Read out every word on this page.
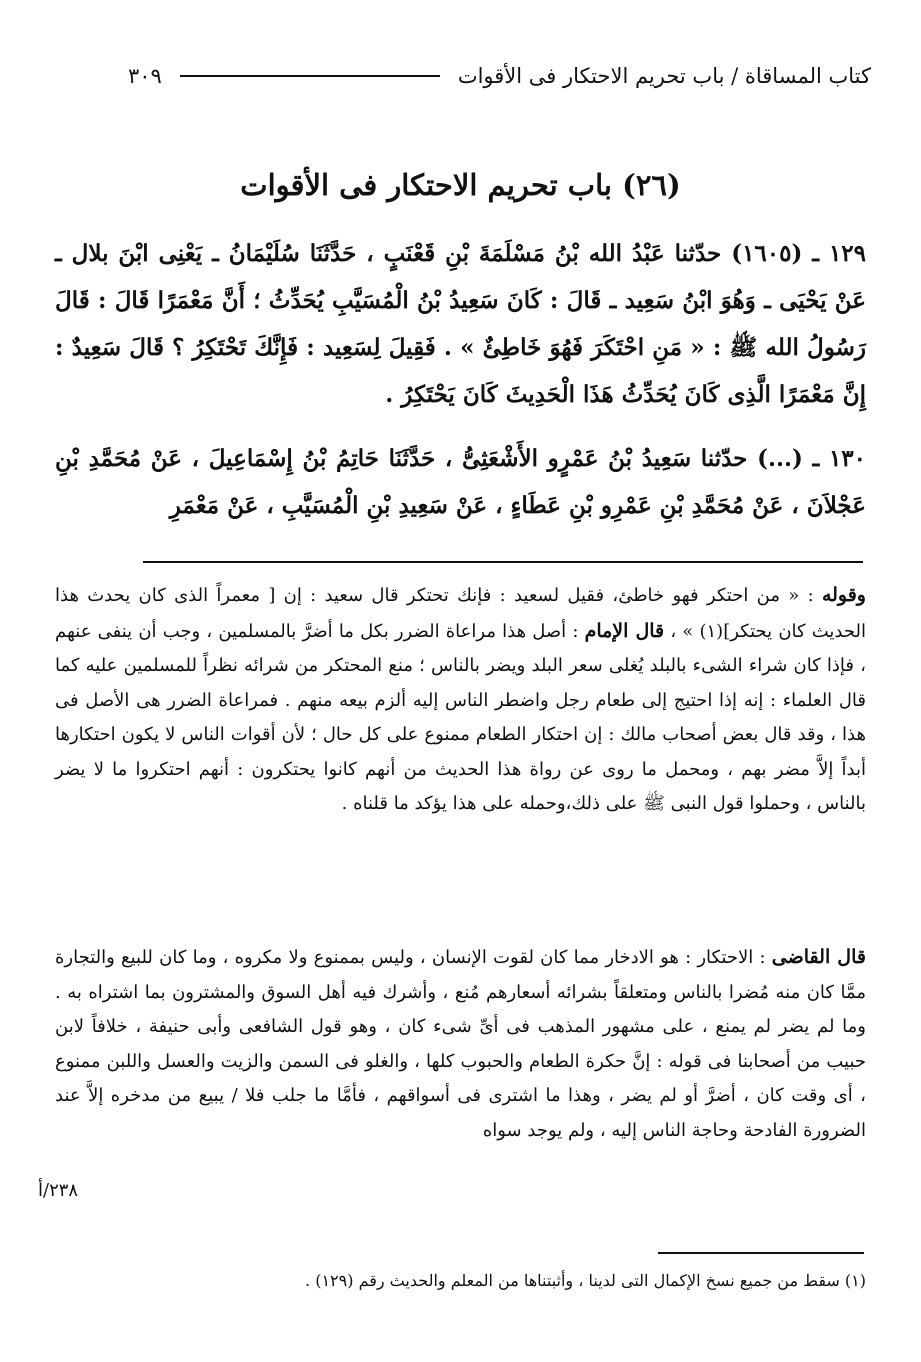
كتاب المساقاة / باب تحريم الاحتكار فى الأقوات
٣٠٩
(٢٦) باب تحريم الاحتكار فى الأقوات
١٢٩ ـ (١٦٠٥) حدّثنا عَبْدُ الله بْنُ مَسْلَمَةَ بْنِ قَعْنَبٍ ، حَدَّثَنَا سُلَيْمَانُ ـ يَعْنِى ابْنَ بلال ـ عَنْ يَحْيَى ـ وَهُوَ ابْنُ سَعِيد ـ قَالَ : كَانَ سَعِيدُ بْنُ الْمُسَيَّبِ يُحَدِّثُ ؛ أَنَّ مَعْمَرًا قَالَ : قَالَ رَسُولُ الله ﷺ : « مَنِ احْتَكَرَ فَهُوَ خَاطِئٌ » . فَقِيلَ لِسَعِيد : فَإِنَّكَ تَحْتَكِرُ ؟ قَالَ سَعِيدٌ : إِنَّ مَعْمَرًا الَّذِى كَانَ يُحَدِّثُ هَذَا الْحَدِيثَ كَانَ يَحْتَكِرُ .
١٣٠ ـ (...) حدّثنا سَعِيدُ بْنُ عَمْرٍو الأَشْعَثِىُّ ، حَدَّثَنَا حَاتِمُ بْنُ إِسْمَاعِيلَ ، عَنْ مُحَمَّدِ بْنِ عَجْلاَنَ ، عَنْ مُحَمَّدِ بْنِ عَمْرِو بْنِ عَطَاءٍ ، عَنْ سَعِيدِ بْنِ الْمُسَيَّبِ ، عَنْ مَعْمَرِ
وقوله : « من احتكر فهو خاطئ، فقيل لسعيد : فإنك تحتكر قال سعيد : إن [ معمراً الذى كان يحدث هذا الحديث كان يحتكر](١) » ، قال الإمام : أصل هذا مراعاة الضرر بكل ما أضرَّ بالمسلمين ، وجب أن ينفى عنهم ، فإذا كان شراء الشىء بالبلد يُغلى سعر البلد ويضر بالناس ؛ منع المحتكر من شرائه نظراً للمسلمين عليه كما قال العلماء : إنه إذا احتيج إلى طعام رجل واضطر الناس إليه ألزم بيعه منهم . فمراعاة الضرر هى الأصل فى هذا ، وقد قال بعض أصحاب مالك : إن احتكار الطعام ممنوع على كل حال ؛ لأن أقوات الناس لا يكون احتكارها أبداً إلاَّ مضر بهم ، ومحمل ما روى عن رواة هذا الحديث من أنهم كانوا يحتكرون : أنهم احتكروا ما لا يضر بالناس ، وحملوا قول النبى ﷺ على ذلك،وحمله على هذا يؤكد ما قلناه .
قال القاضى : الاحتكار : هو الادخار مما كان لقوت الإنسان ، وليس بممنوع ولا مكروه ، وما كان للبيع والتجارة ممَّا كان منه مُضرا بالناس ومتعلقاً بشرائه أسعارهم مُنع ، وأشرك فيه أهل السوق والمشترون بما اشتراه به . وما لم يضر لم يمنع ، على مشهور المذهب فى أىِّ شىء كان ، وهو قول الشافعى وأبى حنيفة ، خلافاً لابن حبيب من أصحابنا فى قوله : إنَّ حكرة الطعام والحبوب كلها ، والغلو فى السمن والزيت والعسل واللبن ممنوع ، أى وقت كان ، أضرَّ أو لم يضر ، وهذا ما اشترى فى أسواقهم ، فأمَّا ما جلب فلا / يبيع من مدخره إلاَّ عند الضرورة الفادحة وحاجة الناس إليه ، ولم يوجد سواه
٢٣٨/أ
(١) سقط من جميع نسخ الإكمال التى لدينا ، وأثبتناها من المعلم والحديث رقم (١٢٩) .
